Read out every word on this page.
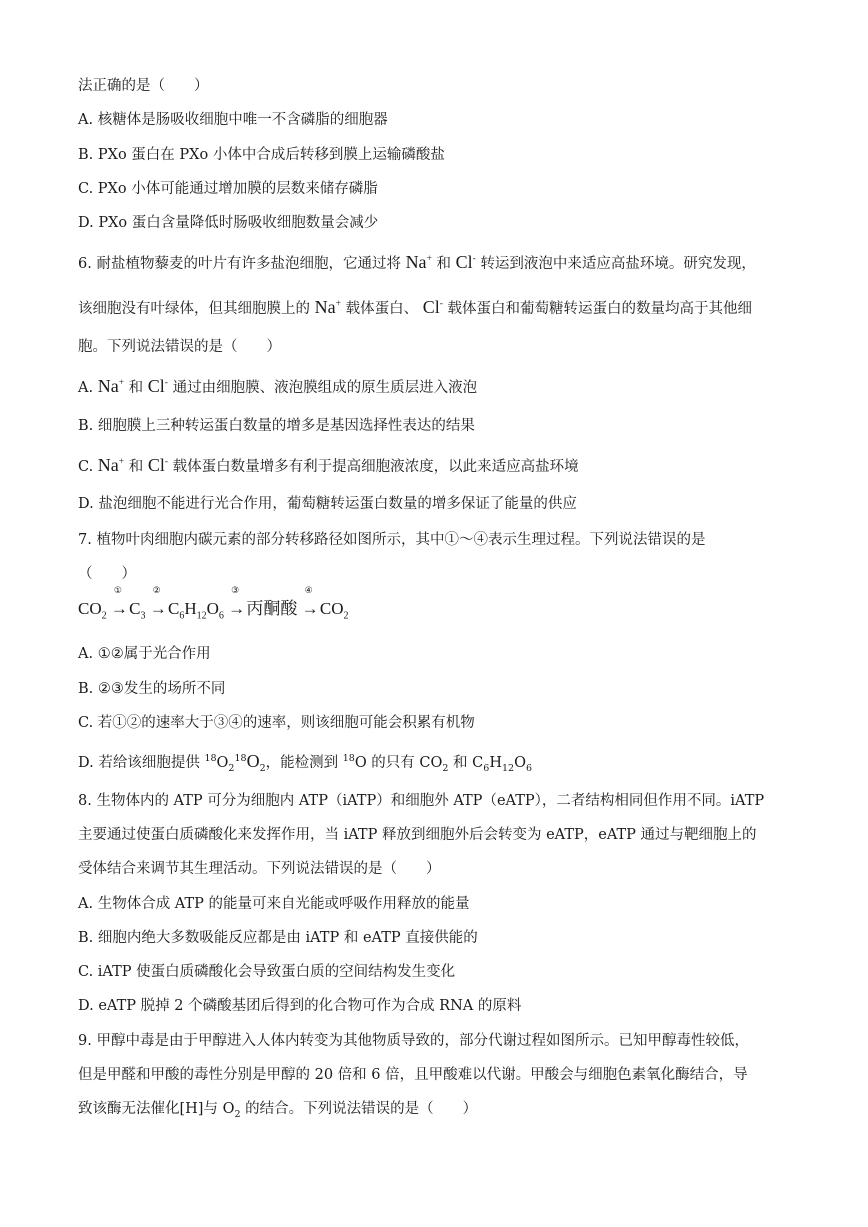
法正确的是（　　）
A. 核糖体是肠吸收细胞中唯一不含磷脂的细胞器
B. PXo 蛋白在 PXo 小体中合成后转移到膜上运输磷酸盐
C. PXo 小体可能通过增加膜的层数来储存磷脂
D. PXo 蛋白含量降低时肠吸收细胞数量会减少
6. 耐盐植物藜麦的叶片有许多盐泡细胞，它通过将 Na+ 和 Cl- 转运到液泡中来适应高盐环境。研究发现，
该细胞没有叶绿体，但其细胞膜上的 Na+ 载体蛋白、 Cl- 载体蛋白和葡萄糖转运蛋白的数量均高于其他细
胞。下列说法错误的是（　　）
A. Na+ 和 Cl- 通过由细胞膜、液泡膜组成的原生质层进入液泡
B. 细胞膜上三种转运蛋白数量的增多是基因选择性表达的结果
C. Na+ 和 Cl- 载体蛋白数量增多有利于提高细胞液浓度，以此来适应高盐环境
D. 盐泡细胞不能进行光合作用，葡萄糖转运蛋白数量的增多保证了能量的供应
7. 植物叶肉细胞内碳元素的部分转移路径如图所示，其中①～④表示生理过程。下列说法错误的是
（　　）
$CO_2$
①
→ $C_3$
②
→ $C_6H_{12}O_6$
③
→ 丙酮酸
④
→ $CO_2$
A. ①②属于光合作用
B. ②③发生的场所不同
C. 若①②的速率大于③④的速率，则该细胞可能会积累有机物
D. 若给该细胞提供 $^{18}O_2^{18}O_2$，能检测到 $^{18}$O 的只有 $CO_2$ 和 $C_6H_{12}O_6$
8. 生物体内的 ATP 可分为细胞内 ATP（iATP）和细胞外 ATP（eATP），二者结构相同但作用不同。iATP
主要通过使蛋白质磷酸化来发挥作用，当 iATP 释放到细胞外后会转变为 eATP，eATP 通过与靶细胞上的
受体结合来调节其生理活动。下列说法错误的是（　　）
A. 生物体合成 ATP 的能量可来自光能或呼吸作用释放的能量
B. 细胞内绝大多数吸能反应都是由 iATP 和 eATP 直接供能的
C. iATP 使蛋白质磷酸化会导致蛋白质的空间结构发生变化
D. eATP 脱掉 2 个磷酸基团后得到的化合物可作为合成 RNA 的原料
9. 甲醇中毒是由于甲醇进入人体内转变为其他物质导致的，部分代谢过程如图所示。已知甲醇毒性较低，
但是甲醛和甲酸的毒性分别是甲醇的 20 倍和 6 倍，且甲酸难以代谢。甲酸会与细胞色素氧化酶结合，导
致该酶无法催化[H]与 $O_2$ 的结合。下列说法错误的是（　　）
